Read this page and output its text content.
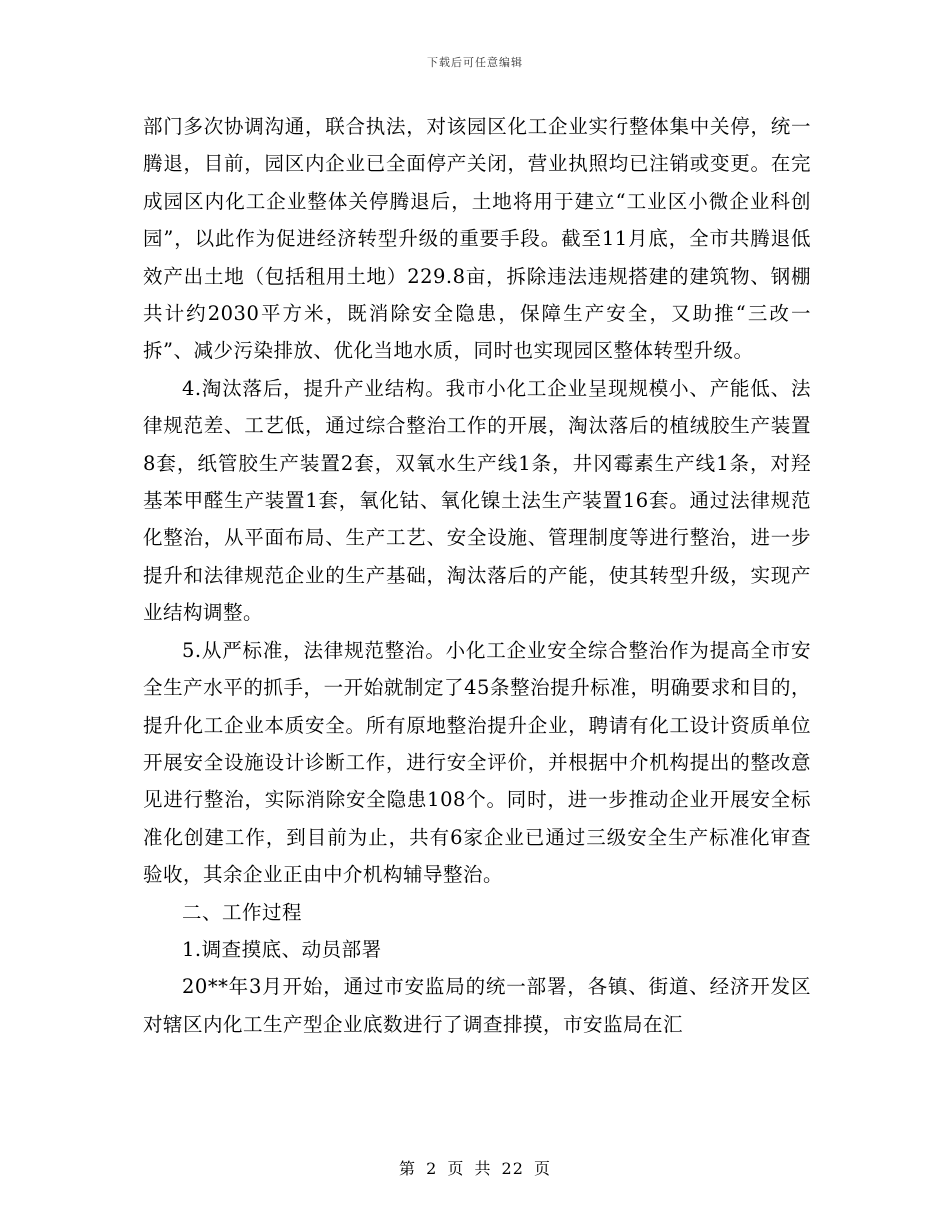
下载后可任意编辑

部门多次协调沟通，联合执法，对该园区化工企业实行整体集中关停，统一腾退，目前，园区内企业已全面停产关闭，营业执照均已注销或变更。在完成园区内化工企业整体关停腾退后，土地将用于建立“工业区小微企业科创园”，以此作为促进经济转型升级的重要手段。截至11月底，全市共腾退低效产出土地（包括租用土地）229.8亩，拆除违法违规搭建的建筑物、钢棚共计约2030平方米，既消除安全隐患，保障生产安全，又助推“三改一拆”、减少污染排放、优化当地水质，同时也实现园区整体转型升级。

4.淘汰落后，提升产业结构。我市小化工企业呈现规模小、产能低、法律规范差、工艺低，通过综合整治工作的开展，淘汰落后的植绒胶生产装置8套，纸管胶生产装置2套，双氧水生产线1条，井冈霉素生产线1条，对羟基苯甲醛生产装置1套，氧化钴、氧化镍土法生产装置16套。通过法律规范化整治，从平面布局、生产工艺、安全设施、管理制度等进行整治，进一步提升和法律规范企业的生产基础，淘汰落后的产能，使其转型升级，实现产业结构调整。

5.从严标准，法律规范整治。小化工企业安全综合整治作为提高全市安全生产水平的抓手，一开始就制定了45条整治提升标准，明确要求和目的，提升化工企业本质安全。所有原地整治提升企业，聘请有化工设计资质单位开展安全设施设计诊断工作，进行安全评价，并根据中介机构提出的整改意见进行整治，实际消除安全隐患108个。同时，进一步推动企业开展安全标准化创建工作，到目前为止，共有6家企业已通过三级安全生产标准化审查验收，其余企业正由中介机构辅导整治。

二、工作过程

1.调查摸底、动员部署

20**年3月开始，通过市安监局的统一部署，各镇、街道、经济开发区对辖区内化工生产型企业底数进行了调查排摸，市安监局在汇

第 2 页 共 22 页
